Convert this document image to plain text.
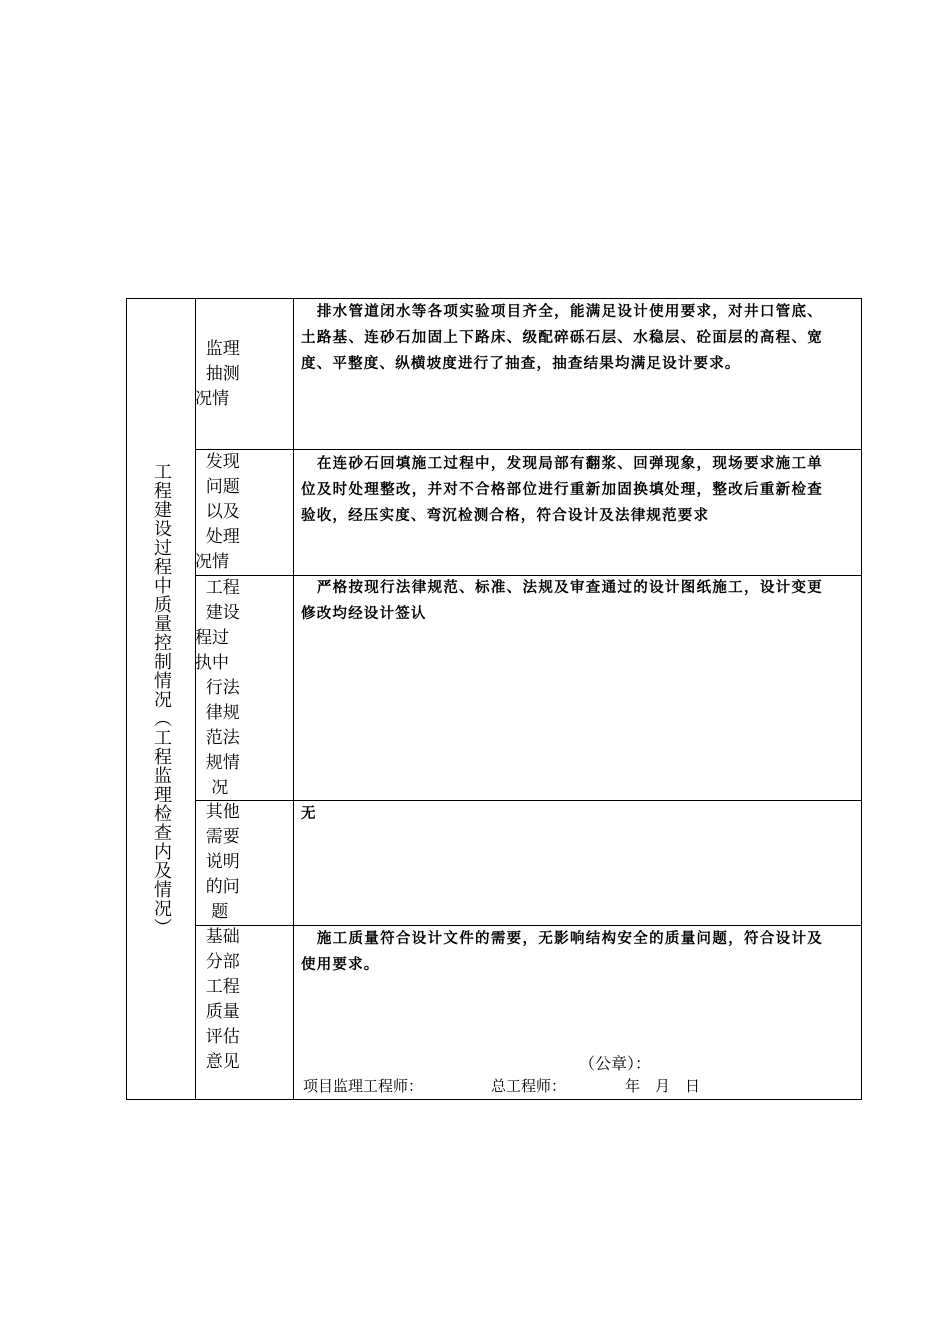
工程建设过程中质量控制情况（工程监理检查内及情况）
监理
抽测
况情
　排水管道闭水等各项实验项目齐全，能满足设计使用要求，对井口管底、土路基、连砂石加固上下路床、级配碎砾石层、水稳层、砼面层的高程、宽度、平整度、纵横坡度进行了抽查，抽查结果均满足设计要求。
发现
问题
以及
处理
况情
　在连砂石回填施工过程中，发现局部有翻浆、回弹现象，现场要求施工单位及时处理整改，并对不合格部位进行重新加固换填处理，整改后重新检查验收，经压实度、弯沉检测合格，符合设计及法律规范要求
工程
建设
程过
执中
行法
律规
范法
规情
况
　严格按现行法律规范、标准、法规及审查通过的设计图纸施工，设计变更修改均经设计签认
其他
需要
说明
的问
题
无
基础
分部
工程
质量
评估
意见
　施工质量符合设计文件的需要，无影响结构安全的质量问题，符合设计及使用要求。
（公章）：
项目监理工程师：	总工程师：	年　月　日
